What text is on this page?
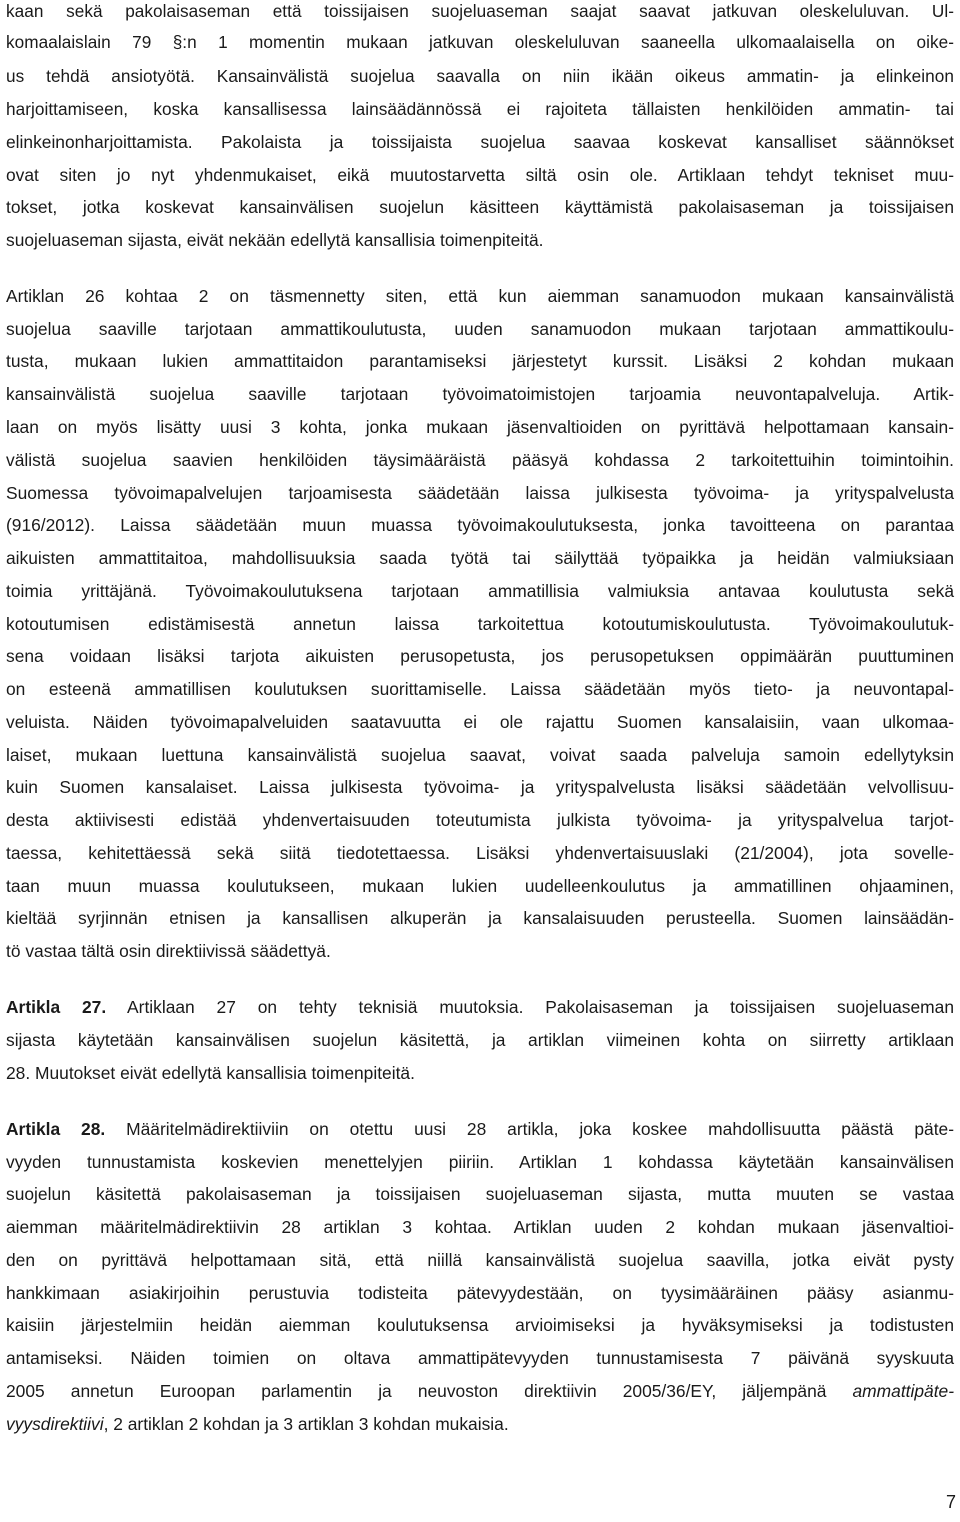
kaan sekä pakolaisaseman että toissijaisen suojeluaseman saajat saavat jatkuvan oleskeluluvan. Ul-
komaalaislain 79 §:n 1 momentin mukaan jatkuvan oleskeluluvan saaneella ulkomaalaisella on oike-
us tehdä ansiotyötä. Kansainvälistä suojelua saavalla on niin ikään oikeus ammatin- ja elinkeinon
harjoittamiseen, koska kansallisessa lainsäädännössä ei rajoiteta tällaisten henkilöiden ammatin- tai
elinkeinonharjoittamista. Pakolaista ja toissijaista suojelua saavaa koskevat kansalliset säännökset
ovat siten jo nyt yhdenmukaiset, eikä muutostarvetta siltä osin ole. Artiklaan tehdyt tekniset muu-
tokset, jotka koskevat kansainvälisen suojelun käsitteen käyttämistä pakolaisaseman ja toissijaisen
suojeluaseman sijasta, eivät nekään edellytä kansallisia toimenpiteitä.
Artiklan 26 kohtaa 2 on täsmennetty siten, että kun aiemman sanamuodon mukaan kansainvälistä
suojelua saaville tarjotaan ammattikoulutusta, uuden sanamuodon mukaan tarjotaan ammattikoulu-
tusta, mukaan lukien ammattitaidon parantamiseksi järjestetyt kurssit. Lisäksi 2 kohdan mukaan
kansainvälistä suojelua saaville tarjotaan työvoimatoimistojen tarjoamia neuvontapalveluja. Artik-
laan on myös lisätty uusi 3 kohta, jonka mukaan jäsenvaltioiden on pyrittävä helpottamaan kansain-
välistä suojelua saavien henkilöiden täysimääräistä pääsyä kohdassa 2 tarkoitettuihin toimintoihin.
Suomessa työvoimapalvelujen tarjoamisesta säädetään laissa julkisesta työvoima- ja yrityspalvelusta
(916/2012). Laissa säädetään muun muassa työvoimakoulutuksesta, jonka tavoitteena on parantaa
aikuisten ammattitaitoa, mahdollisuuksia saada työtä tai säilyttää työpaikka ja heidän valmiuksiaan
toimia yrittäjänä. Työvoimakoulutuksena tarjotaan ammatillisia valmiuksia antavaa koulutusta sekä
kotoutumisen edistämisestä annetun laissa tarkoitettua kotoutumiskoulutusta. Työvoimakoulutuk-
sena voidaan lisäksi tarjota aikuisten perusopetusta, jos perusopetuksen oppimäärän puuttuminen
on esteenä ammatillisen koulutuksen suorittamiselle. Laissa säädetään myös tieto- ja neuvontapal-
veluista. Näiden työvoimapalveluiden saatavuutta ei ole rajattu Suomen kansalaisiin, vaan ulkomaa-
laiset, mukaan luettuna kansainvälistä suojelua saavat, voivat saada palveluja samoin edellytyksin
kuin Suomen kansalaiset. Laissa julkisesta työvoima- ja yrityspalvelusta lisäksi säädetään velvollisuu-
desta aktiivisesti edistää yhdenvertaisuuden toteutumista julkista työvoima- ja yrityspalvelua tarjot-
taessa, kehitettäessä sekä siitä tiedotettaessa. Lisäksi yhdenvertaisuuslaki (21/2004), jota sovelle-
taan muun muassa koulutukseen, mukaan lukien uudelleenkoulutus ja ammatillinen ohjaaminen,
kieltää syrjinnän etnisen ja kansallisen alkuperän ja kansalaisuuden perusteella. Suomen lainsäädän-
tö vastaa tältä osin direktiivissä säädettyä.
Artikla 27. Artiklaan 27 on tehty teknisiä muutoksia. Pakolaisaseman ja toissijaisen suojeluaseman
sijasta käytetään kansainvälisen suojelun käsitettä, ja artiklan viimeinen kohta on siirretty artiklaan
28. Muutokset eivät edellytä kansallisia toimenpiteitä.
Artikla 28. Määritelmädirektiiviin on otettu uusi 28 artikla, joka koskee mahdollisuutta päästä päte-
vyyden tunnustamista koskevien menettelyjen piiriin. Artiklan 1 kohdassa käytetään kansainvälisen
suojelun käsitettä pakolaisaseman ja toissijaisen suojeluaseman sijasta, mutta muuten se vastaa
aiemman määritelmädirektiivin 28 artiklan 3 kohtaa. Artiklan uuden 2 kohdan mukaan jäsenvaltioi-
den on pyrittävä helpottamaan sitä, että niillä kansainvälistä suojelua saavilla, jotka eivät pysty
hankkimaan asiakirjoihin perustuvia todisteita pätevyydestään, on tyysimääräinen pääsy asianmu-
kaisiin järjestelmiin heidän aiemman koulutuksensa arvioimiseksi ja hyväksymiseksi ja todistusten
antamiseksi. Näiden toimien on oltava ammattipätevyyden tunnustamisesta 7 päivänä syyskuuta
2005 annetun Euroopan parlamentin ja neuvoston direktiivin 2005/36/EY, jäljempänä ammattipäte-
vyysdirektiivi, 2 artiklan 2 kohdan ja 3 artiklan 3 kohdan mukaisia.
7
